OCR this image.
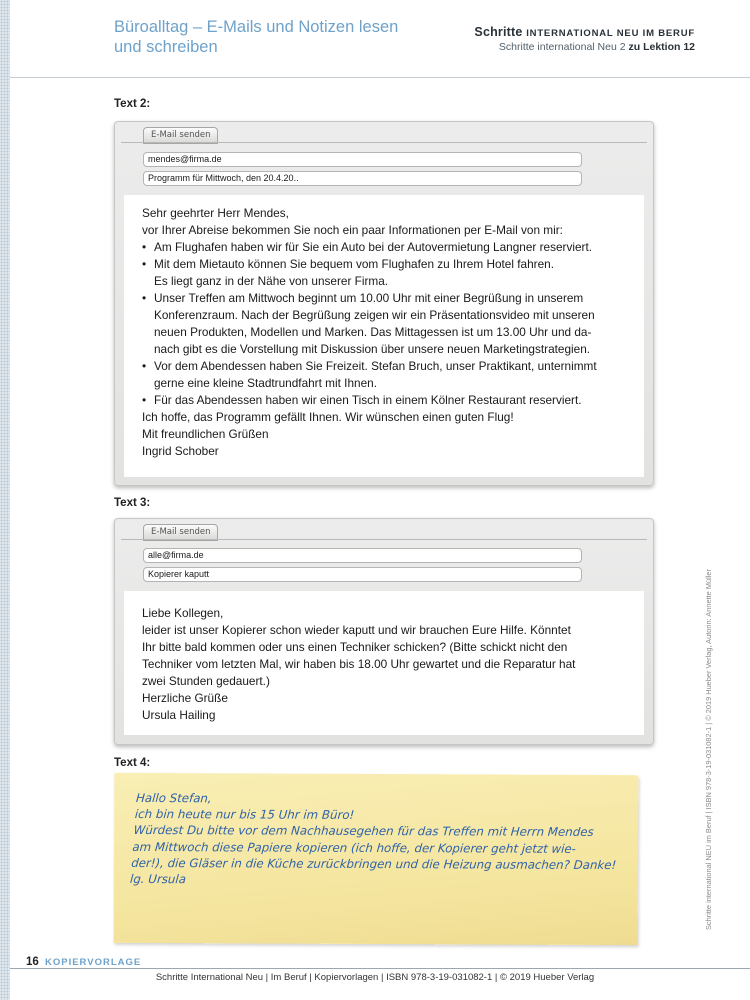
Büroalltag – E-Mails und Notizen lesen und schreiben
Schritte INTERNATIONAL NEU IM BERUF
Schritte international Neu 2 zu Lektion 12
Text 2:
E-Mail senden
mendes@firma.de
Programm für Mittwoch, den 20.4.20..
Sehr geehrter Herr Mendes,
vor Ihrer Abreise bekommen Sie noch ein paar Informationen per E-Mail von mir:
• Am Flughafen haben wir für Sie ein Auto bei der Autovermietung Langner reserviert.
• Mit dem Mietauto können Sie bequem vom Flughafen zu Ihrem Hotel fahren.
Es liegt ganz in der Nähe von unserer Firma.
• Unser Treffen am Mittwoch beginnt um 10.00 Uhr mit einer Begrüßung in unserem
Konferenzraum. Nach der Begrüßung zeigen wir ein Präsentationsvideo mit unseren
neuen Produkten, Modellen und Marken. Das Mittagessen ist um 13.00 Uhr und da-
nach gibt es die Vorstellung mit Diskussion über unsere neuen Marketingstrategien.
• Vor dem Abendessen haben Sie Freizeit. Stefan Bruch, unser Praktikant, unternimmt
gerne eine kleine Stadtrundfahrt mit Ihnen.
• Für das Abendessen haben wir einen Tisch in einem Kölner Restaurant reserviert.
Ich hoffe, das Programm gefällt Ihnen. Wir wünschen einen guten Flug!
Mit freundlichen Grüßen
Ingrid Schober
Text 3:
E-Mail senden
alle@firma.de
Kopierer kaputt
Liebe Kollegen,
leider ist unser Kopierer schon wieder kaputt und wir brauchen Eure Hilfe. Könntet
Ihr bitte bald kommen oder uns einen Techniker schicken? (Bitte schickt nicht den
Techniker vom letzten Mal, wir haben bis 18.00 Uhr gewartet und die Reparatur hat
zwei Stunden gedauert.)
Herzliche Grüße
Ursula Hailing
Text 4:
Hallo Stefan,
ich bin heute nur bis 15 Uhr im Büro!
Würdest Du bitte vor dem Nachhausegehen für das Treffen mit Herrn Mendes
am Mittwoch diese Papiere kopieren (ich hoffe, der Kopierer geht jetzt wie-
der!), die Gläser in die Küche zurückbringen und die Heizung ausmachen? Danke!
lg. Ursula	Schritte international NEU im Beruf | ISBN 978-3-19-031082-1 | © 2019 Hueber Verlag, Autorin: Annette Müller
16 KOPIERVORLAGE
Schritte International Neu | Im Beruf | Kopiervorlagen | ISBN 978-3-19-031082-1 | © 2019 Hueber Verlag
